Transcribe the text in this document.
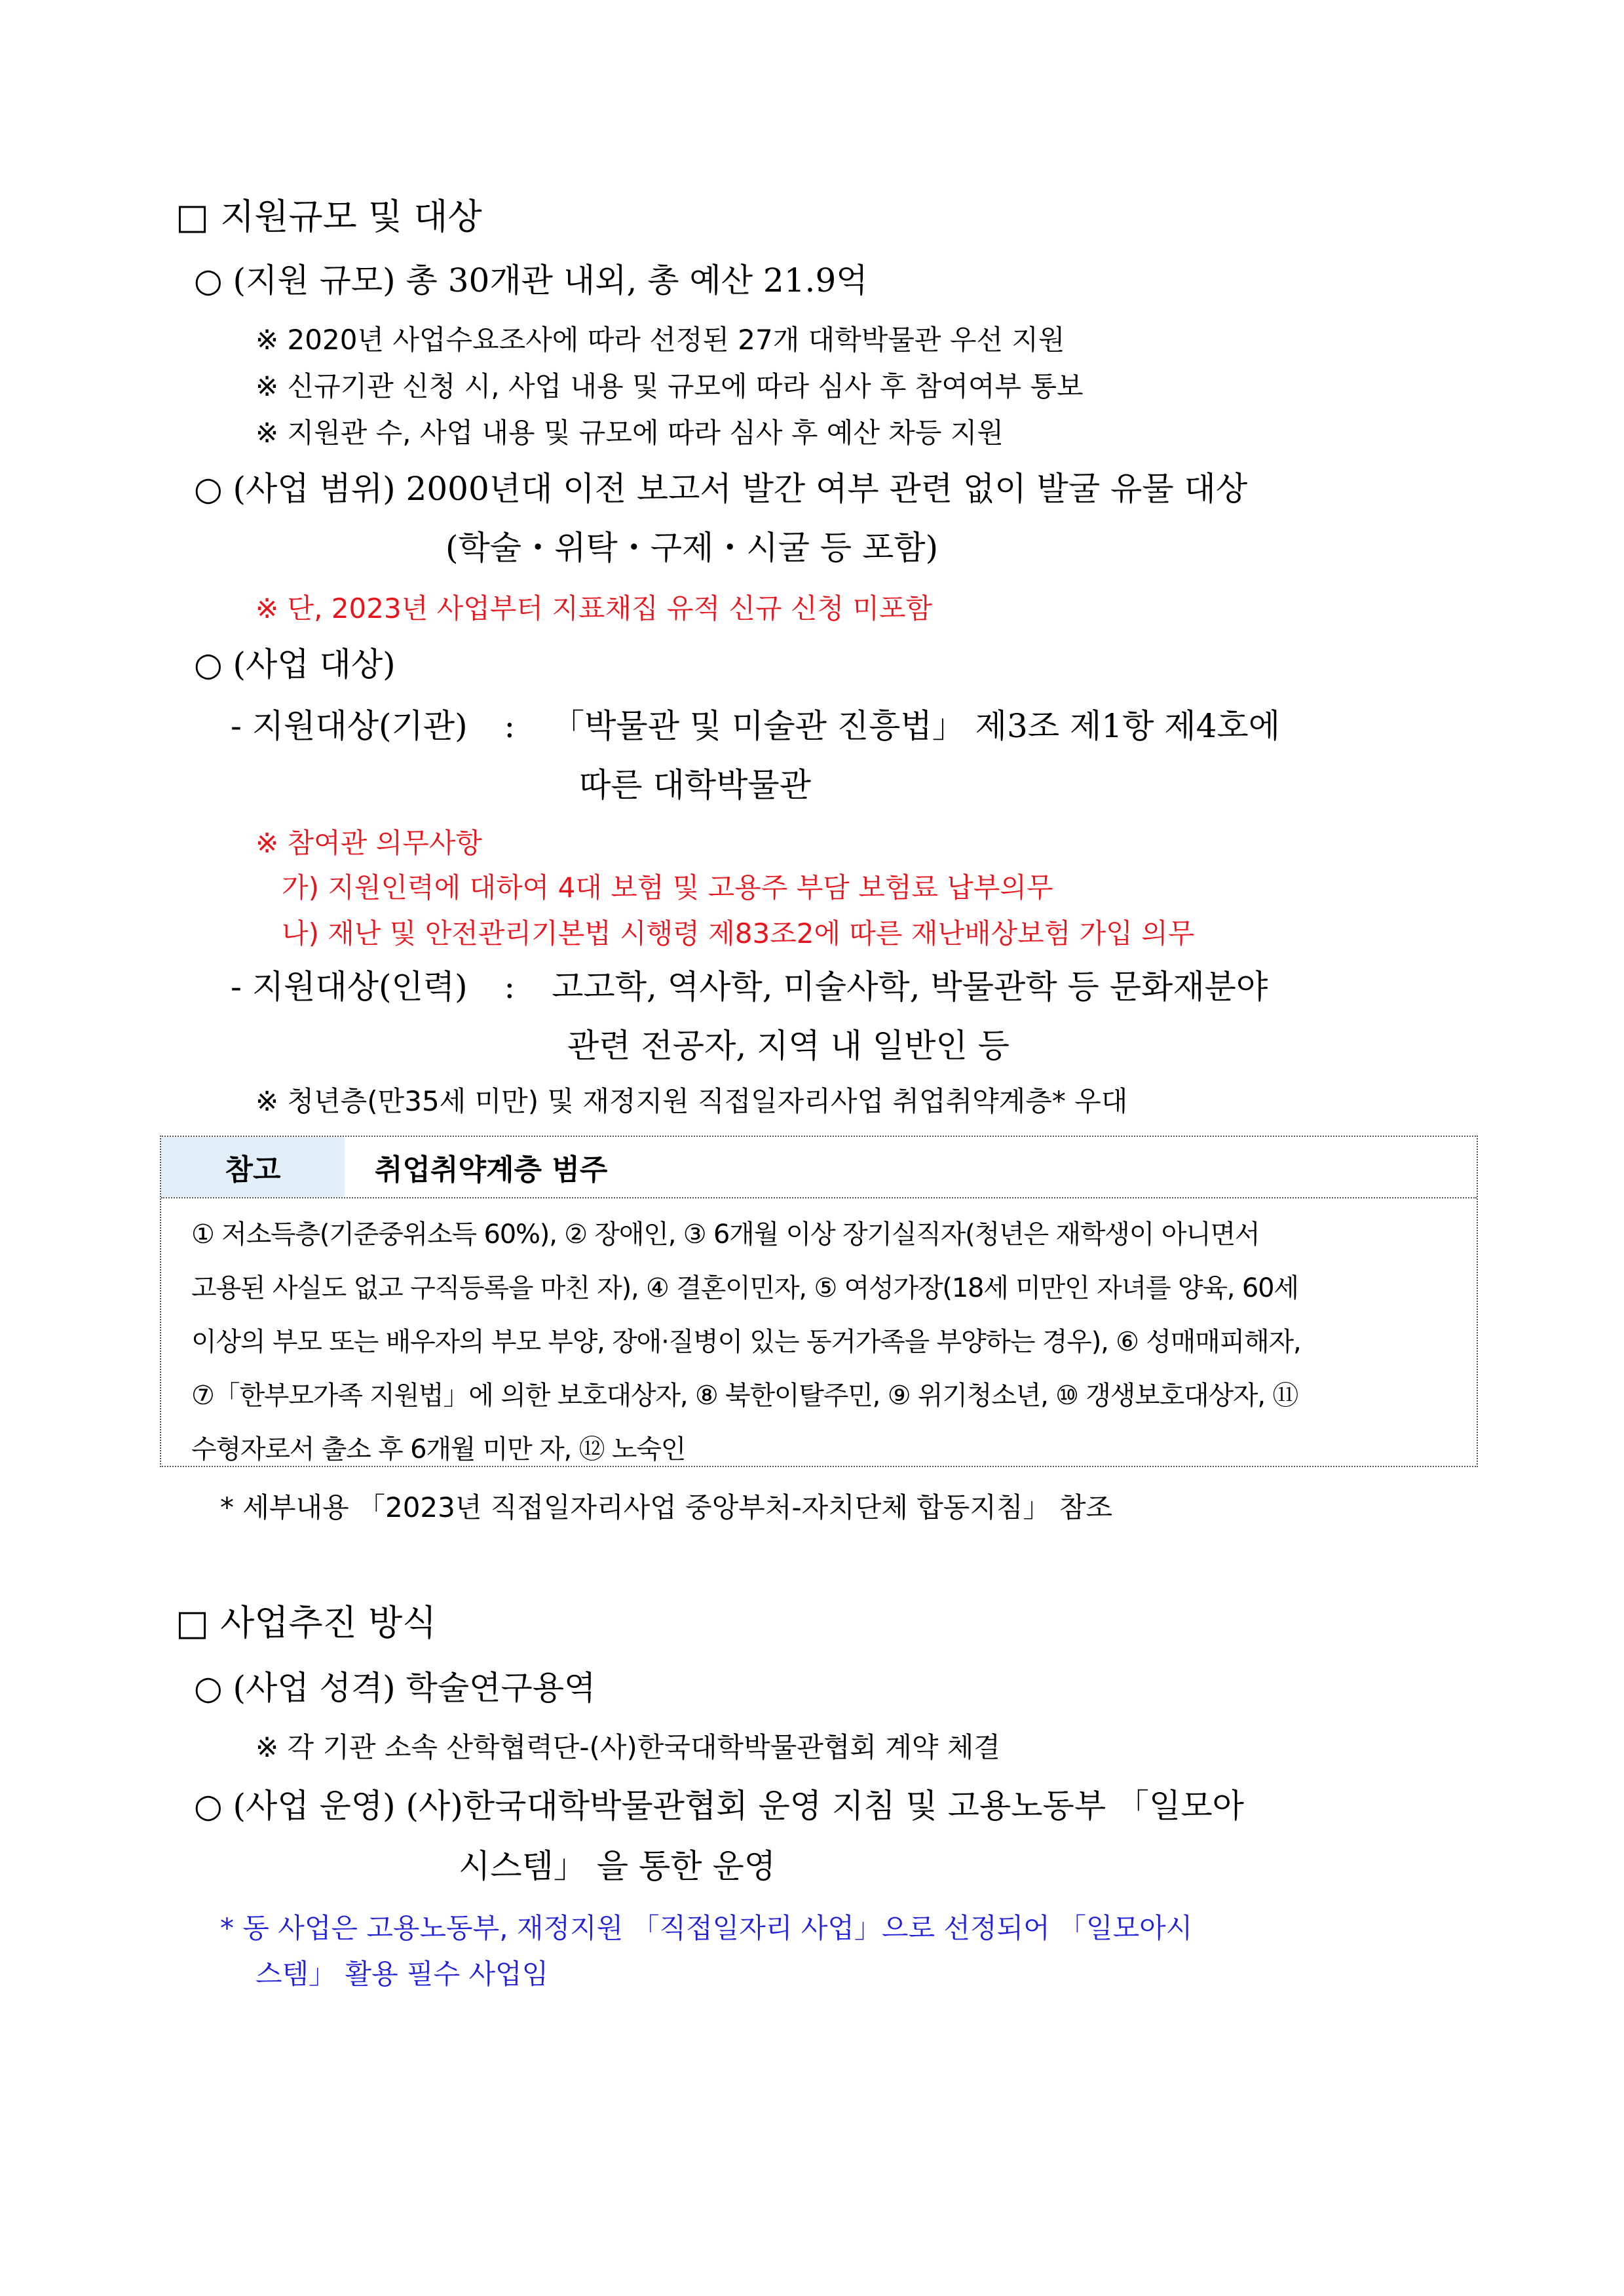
□ 지원규모 및 대상
○ (지원 규모) 총 30개관 내외, 총 예산 21.9억
※ 2020년 사업수요조사에 따라 선정된 27개 대학박물관 우선 지원
※ 신규기관 신청 시, 사업 내용 및 규모에 따라 심사 후 참여여부 통보
※ 지원관 수, 사업 내용 및 규모에 따라 심사 후 예산 차등 지원
○ (사업 범위) 2000년대 이전 보고서 발간 여부 관련 없이 발굴 유물 대상
(학술・위탁・구제・시굴 등 포함)
※ 단, 2023년 사업부터 지표채집 유적 신규 신청 미포함
○ (사업 대상)
- 지원대상(기관) : 「박물관 및 미술관 진흥법」 제3조 제1항 제4호에
따른 대학박물관
※ 참여관 의무사항
가) 지원인력에 대하여 4대 보험 및 고용주 부담 보험료 납부의무
나) 재난 및 안전관리기본법 시행령 제83조2에 따른 재난배상보험 가입 의무
- 지원대상(인력) : 고고학, 역사학, 미술사학, 박물관학 등 문화재분야
관련 전공자, 지역 내 일반인 등
※ 청년층(만35세 미만) 및 재정지원 직접일자리사업 취업취약계층* 우대
참고	취업취약계층 범주
① 저소득층(기준중위소득 60%), ② 장애인, ③ 6개월 이상 장기실직자(청년은 재학생이 아니면서
고용된 사실도 없고 구직등록을 마친 자), ④ 결혼이민자, ⑤ 여성가장(18세 미만인 자녀를 양육, 60세
이상의 부모 또는 배우자의 부모 부양, 장애·질병이 있는 동거가족을 부양하는 경우), ⑥ 성매매피해자,
⑦「한부모가족 지원법」에 의한 보호대상자, ⑧ 북한이탈주민, ⑨ 위기청소년, ⑩ 갱생보호대상자, ⑪
수형자로서 출소 후 6개월 미만 자, ⑫ 노숙인
* 세부내용 「2023년 직접일자리사업 중앙부처-자치단체 합동지침」 참조
□ 사업추진 방식
○ (사업 성격) 학술연구용역
※ 각 기관 소속 산학협력단-(사)한국대학박물관협회 계약 체결
○ (사업 운영) (사)한국대학박물관협회 운영 지침 및 고용노동부 「일모아
시스템」 을 통한 운영
* 동 사업은 고용노동부, 재정지원 「직접일자리 사업」으로 선정되어 「일모아시
스템」 활용 필수 사업임
